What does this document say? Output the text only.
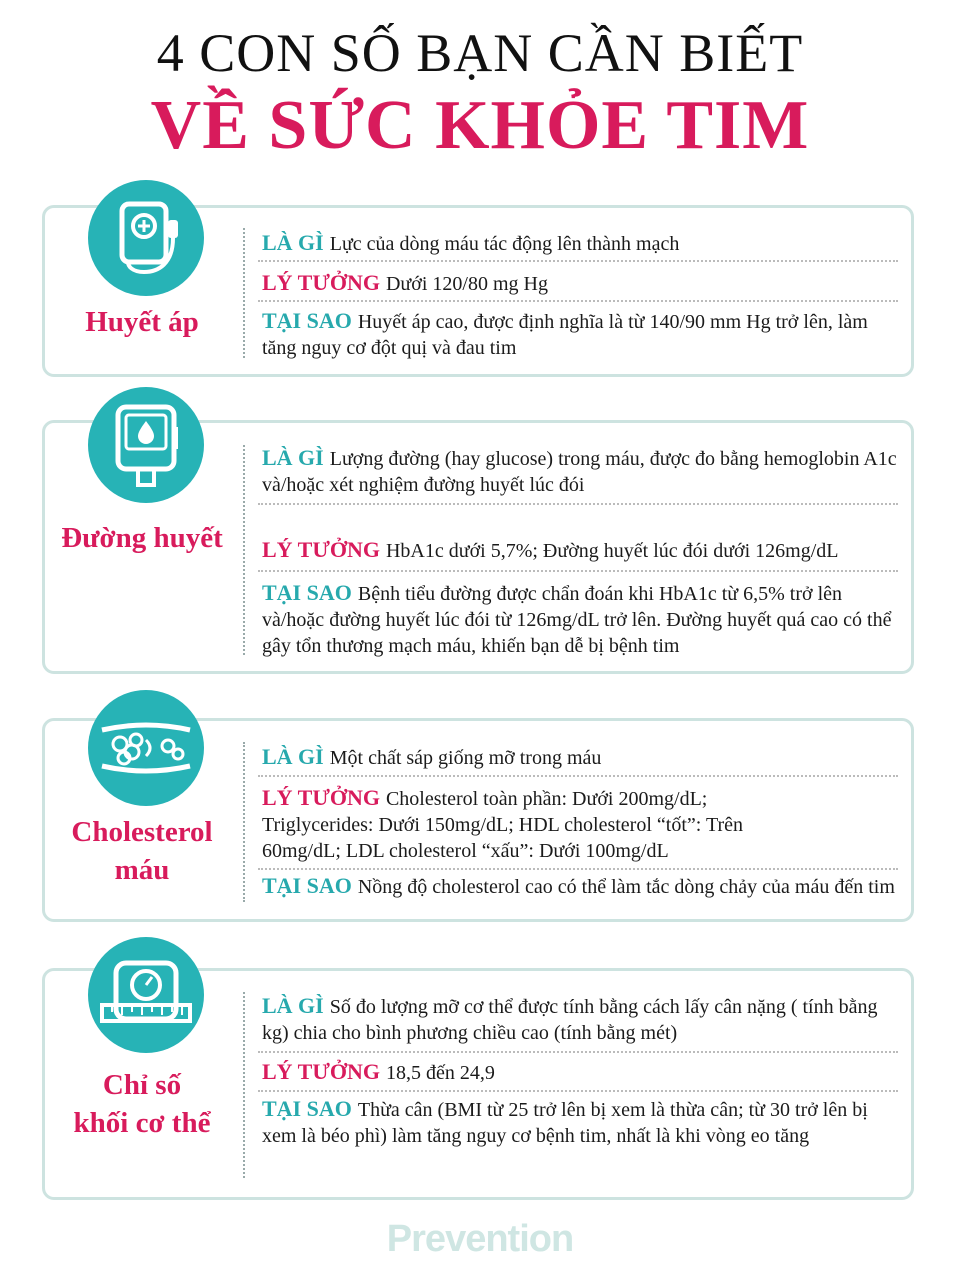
4 CON SỐ BẠN CẦN BIẾT
VỀ SỨC KHỎE TIM
Huyết áp
LÀ GÌ Lực của dòng máu tác động lên thành mạch
LÝ TƯỞNG Dưới 120/80 mg Hg
TẠI SAO Huyết áp cao, được định nghĩa là từ 140/90 mm Hg trở lên, làm tăng nguy cơ đột quị và đau tim
Đường huyết
LÀ GÌ Lượng đường (hay glucose) trong máu, được đo bằng hemoglobin A1c và/hoặc xét nghiệm đường huyết lúc đói
LÝ TƯỞNG HbA1c dưới 5,7%; Đường huyết lúc đói dưới 126mg/dL
TẠI SAO Bệnh tiểu đường được chẩn đoán khi HbA1c từ 6,5% trở lên và/hoặc đường huyết lúc đói từ 126mg/dL trở lên. Đường huyết quá cao có thể gây tổn thương mạch máu, khiến bạn dễ bị bệnh tim
Cholesterol
máu
LÀ GÌ Một chất sáp giống mỡ trong máu
LÝ TƯỞNG Cholesterol toàn phần: Dưới 200mg/dL; Triglycerides: Dưới 150mg/dL; HDL cholesterol “tốt”: Trên 60mg/dL; LDL cholesterol “xấu”: Dưới 100mg/dL
TẠI SAO Nồng độ cholesterol cao có thể làm tắc dòng chảy của máu đến tim
Chỉ số
khối cơ thể
LÀ GÌ Số đo lượng mỡ cơ thể được tính bằng cách lấy cân nặng ( tính bằng kg) chia cho bình phương chiều cao (tính bằng mét)
LÝ TƯỞNG 18,5 đến 24,9
TẠI SAO Thừa cân (BMI từ 25 trở lên bị xem là thừa cân; từ 30 trở lên bị xem là béo phì) làm tăng nguy cơ bệnh tim, nhất là khi vòng eo tăng
Prevention
